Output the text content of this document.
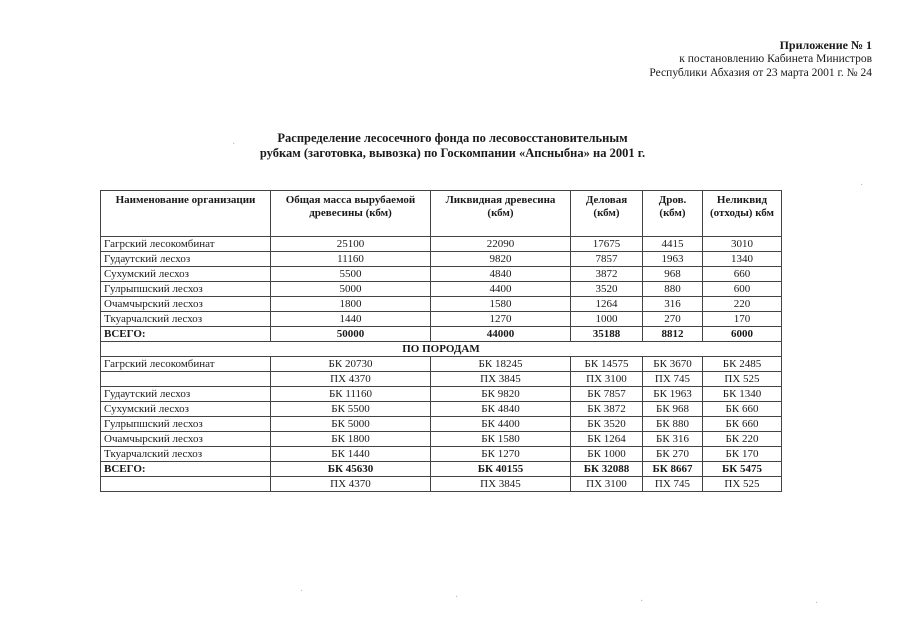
Приложение № 1
к постановлению Кабинета Министров
Республики Абхазия от 23 марта 2001 г. № 24
Распределение лесосечного фонда по лесовосстановительным
рубкам (заготовка, вывозка) по Госкомпании «Апсныбна» на 2001 г.
Наименование организации	Общая масса вырубаемой древесины (кбм)	Ликвидная древесина (кбм)	Деловая (кбм)	Дров. (кбм)	Неликвид (отходы) кбм
Гагрский лесокомбинат	25100	22090	17675	4415	3010
Гудаутский лесхоз	11160	9820	7857	1963	1340
Сухумский лесхоз	5500	4840	3872	968	660
Гулрыпшский лесхоз	5000	4400	3520	880	600
Очамчырский лесхоз	1800	1580	1264	316	220
Ткуарчалский лесхоз	1440	1270	1000	270	170
ВСЕГО:	50000	44000	35188	8812	6000
ПО ПОРОДАМ					
Гагрский лесокомбинат	БК 20730	БК 18245	БК 14575	БК 3670	БК 2485
	ПХ 4370	ПХ 3845	ПХ 3100	ПХ 745	ПХ 525
Гудаутский лесхоз	БК 11160	БК 9820	БК 7857	БК 1963	БК 1340
Сухумский лесхоз	БК 5500	БК 4840	БК 3872	БК 968	БК 660
Гулрыпшский лесхоз	БК 5000	БК 4400	БК 3520	БК 880	БК 660
Очамчырский лесхоз	БК 1800	БК 1580	БК 1264	БК 316	БК 220
Ткуарчалский лесхоз	БК 1440	БК 1270	БК 1000	БК 270	БК 170
ВСЕГО:	БК 45630	БК 40155	БК 32088	БК 8667	БК 5475
	ПХ 4370	ПХ 3845	ПХ 3100	ПХ 745	ПХ 525
·
·
·
·	·	·
